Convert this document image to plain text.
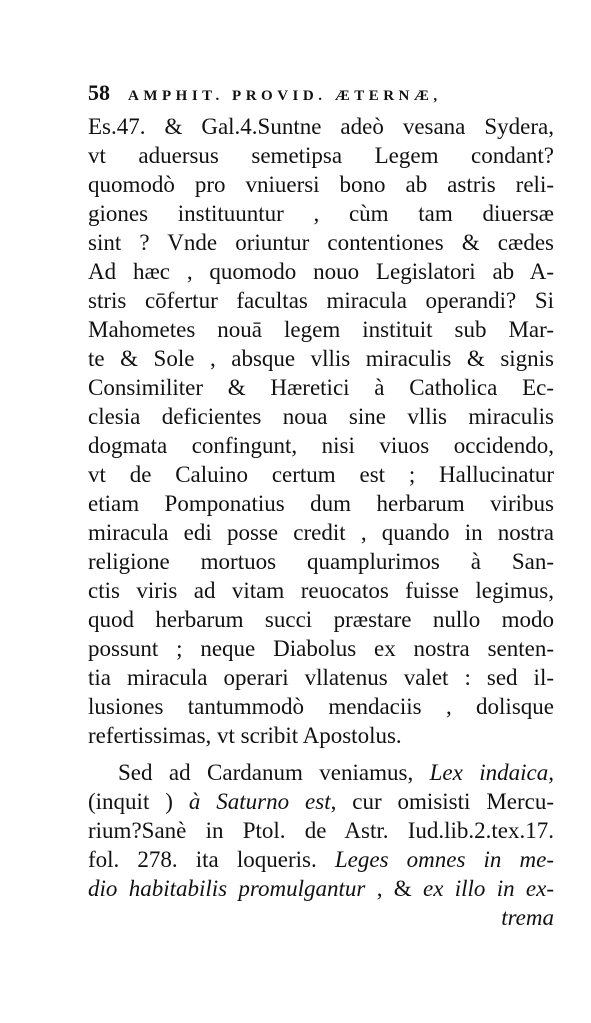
58 AMPHIT. PROVID. ÆTERNÆ,
Es.47. & Gal.4.Suntne adeò vesana Sydera,
vt aduersus semetipsa Legem condant?
quomodò pro vniuersi bono ab astris reli-
giones instituuntur , cùm tam diuersæ
sint ? Vnde oriuntur contentiones & cædes
Ad hæc , quomodo nouo Legislatori ab A-
stris cōfertur facultas miracula operandi? Si
Mahometes nouā legem instituit sub Mar-
te & Sole , absque vllis miraculis & signis
Consimiliter & Hæretici à Catholica Ec-
clesia deficientes noua sine vllis miraculis
dogmata confingunt, nisi viuos occidendo,
vt de Caluino certum est ; Hallucinatur
etiam Pomponatius dum herbarum viribus
miracula edi posse credit , quando in nostra
religione mortuos quamplurimos à San-
ctis viris ad vitam reuocatos fuisse legimus,
quod herbarum succi præstare nullo modo
possunt ; neque Diabolus ex nostra senten-
tia miracula operari vllatenus valet : sed il-
lusiones tantummodò mendaciis , dolisque
refertissimas, vt scribit Apostolus.
Sed ad Cardanum veniamus, Lex indaica,
(inquit ) à Saturno est, cur omisisti Mercu-
rium?Sanè in Ptol. de Astr. Iud.lib.2.tex.17.
fol. 278. ita loqueris. Leges omnes in me-
dio habitabilis promulgantur , & ex illo in ex-
trema
